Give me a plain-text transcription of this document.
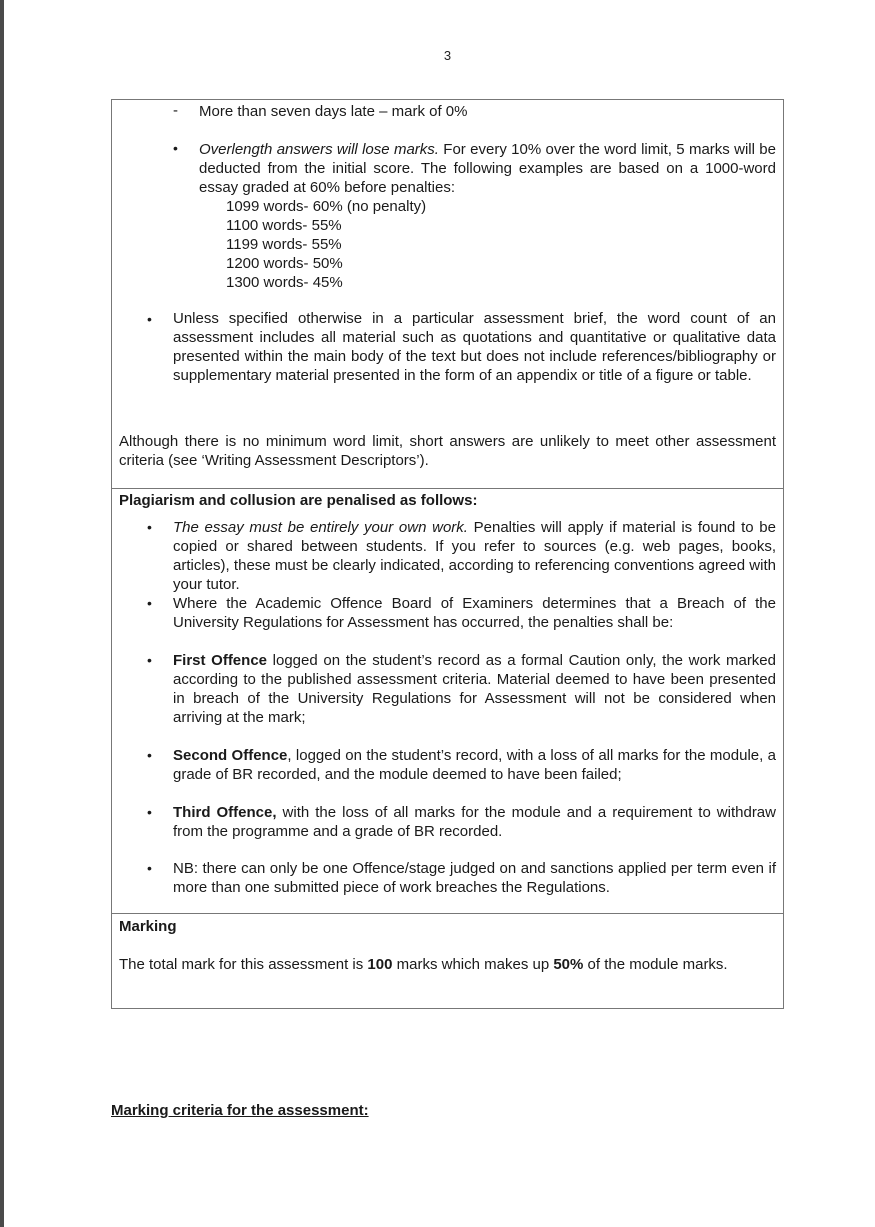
3
- More than seven days late – mark of 0%
• Overlength answers will lose marks. For every 10% over the word limit, 5 marks will be deducted from the initial score. The following examples are based on a 1000-word essay graded at 60% before penalties:
1099 words- 60% (no penalty)
1100 words- 55%
1199 words- 55%
1200 words- 50%
1300 words- 45%
• Unless specified otherwise in a particular assessment brief, the word count of an assessment includes all material such as quotations and quantitative or qualitative data presented within the main body of the text but does not include references/bibliography or supplementary material presented in the form of an appendix or title of a figure or table.
Although there is no minimum word limit, short answers are unlikely to meet other assessment criteria (see ‘Writing Assessment Descriptors’).
Plagiarism and collusion are penalised as follows:
• The essay must be entirely your own work. Penalties will apply if material is found to be copied or shared between students. If you refer to sources (e.g. web pages, books, articles), these must be clearly indicated, according to referencing conventions agreed with your tutor.
• Where the Academic Offence Board of Examiners determines that a Breach of the University Regulations for Assessment has occurred, the penalties shall be:
• First Offence logged on the student’s record as a formal Caution only, the work marked according to the published assessment criteria. Material deemed to have been presented in breach of the University Regulations for Assessment will not be considered when arriving at the mark;
• Second Offence, logged on the student’s record, with a loss of all marks for the module, a grade of BR recorded, and the module deemed to have been failed;
• Third Offence, with the loss of all marks for the module and a requirement to withdraw from the programme and a grade of BR recorded.
• NB: there can only be one Offence/stage judged on and sanctions applied per term even if more than one submitted piece of work breaches the Regulations.
Marking
The total mark for this assessment is 100 marks which makes up 50% of the module marks.
Marking criteria for the assessment:
